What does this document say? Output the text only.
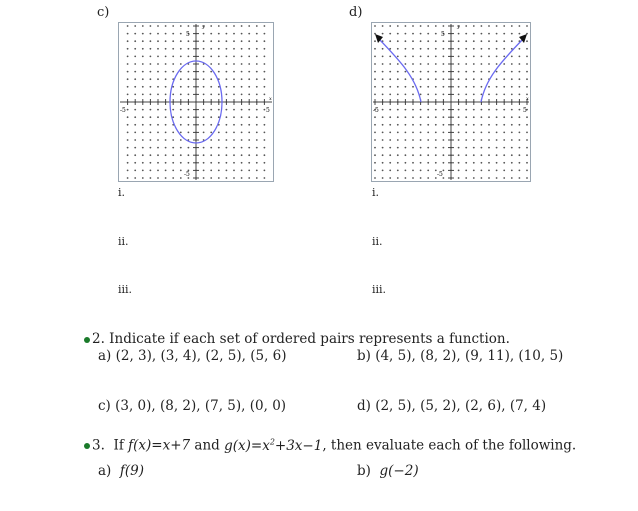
c)
y
x
5
-5
-5	5
d)
y
x
5
-5
-5	5
i.
ii.
iii.
i.
ii.
iii.
2. Indicate if each set of ordered pairs represents a function.
a) (2, 3), (3, 4), (2, 5), (5, 6)	b) (4, 5), (8, 2), (9, 11), (10, 5)
c) (3, 0), (8, 2), (7, 5), (0, 0)	d) (2, 5), (5, 2), (2, 6), (7, 4)
3. If f(x)=x+7 and $g(x)=x^2+3x-1$, then evaluate each of the following.
a) f(9)	b) g(−2)
